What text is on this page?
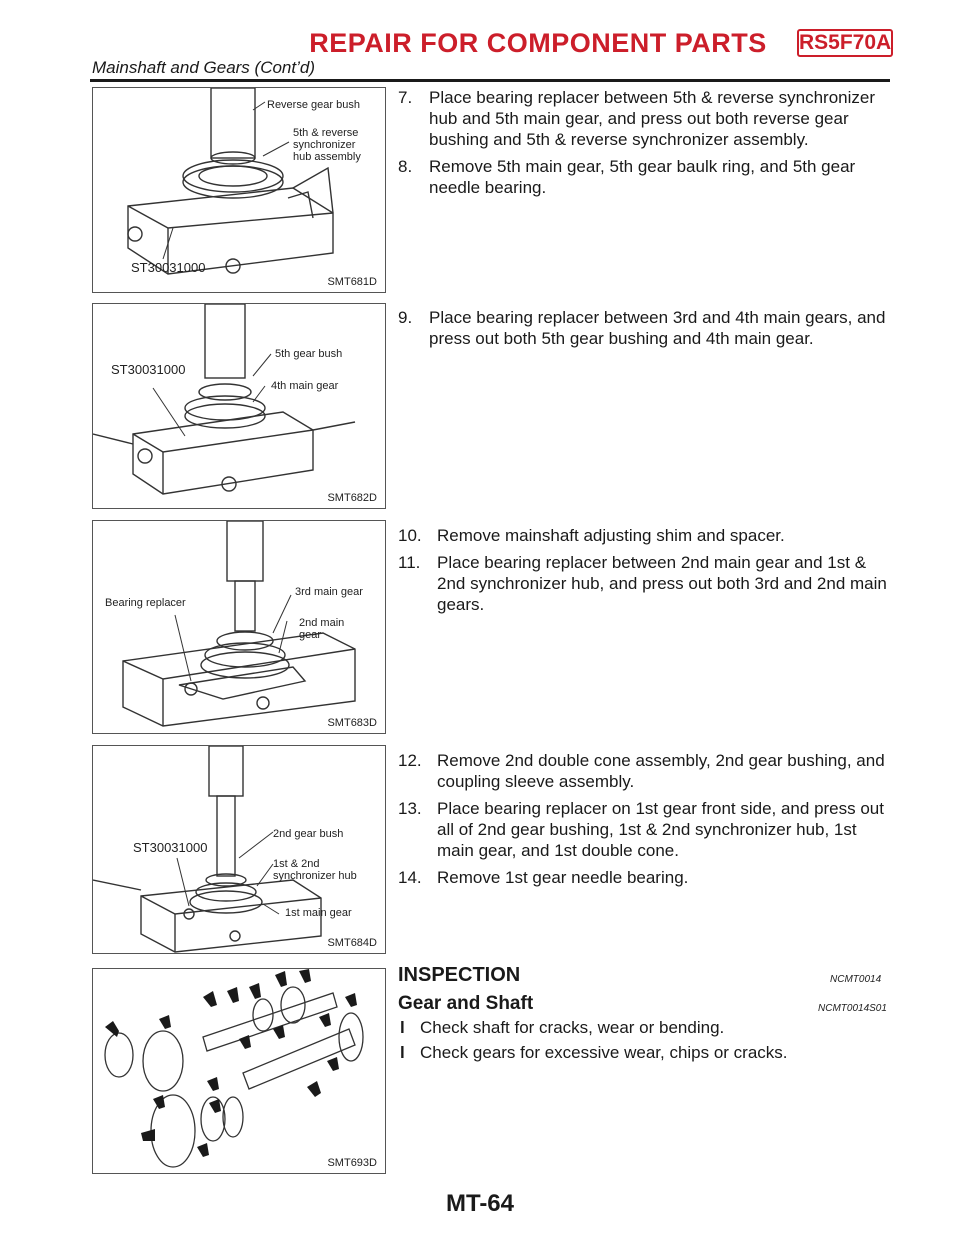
REPAIR FOR COMPONENT PARTS	RS5F70A
Mainshaft and Gears (Cont’d)
Reverse gear bush
5th & reverse
synchronizer
hub assembly
ST30031000
SMT681D
ST30031000
5th gear bush
4th main gear
SMT682D
Bearing replacer
3rd main gear
2nd main
gear
SMT683D
ST30031000
2nd gear bush
1st & 2nd
synchronizer hub
1st main gear
SMT684D
SMT693D
7. Place bearing replacer between 5th & reverse synchronizer hub and 5th main gear, and press out both reverse gear bushing and 5th & reverse synchronizer assembly.
8. Remove 5th main gear, 5th gear baulk ring, and 5th gear needle bearing.
9. Place bearing replacer between 3rd and 4th main gears, and press out both 5th gear bushing and 4th main gear.
10. Remove mainshaft adjusting shim and spacer.
11. Place bearing replacer between 2nd main gear and 1st & 2nd synchronizer hub, and press out both 3rd and 2nd main gears.
12. Remove 2nd double cone assembly, 2nd gear bushing, and coupling sleeve assembly.
13. Place bearing replacer on 1st gear front side, and press out all of 2nd gear bushing, 1st & 2nd synchronizer hub, 1st main gear, and 1st double cone.
14. Remove 1st gear needle bearing.
INSPECTION	NCMT0014
Gear and Shaft	NCMT0014S01
l Check shaft for cracks, wear or bending.
l Check gears for excessive wear, chips or cracks.
MT-64
